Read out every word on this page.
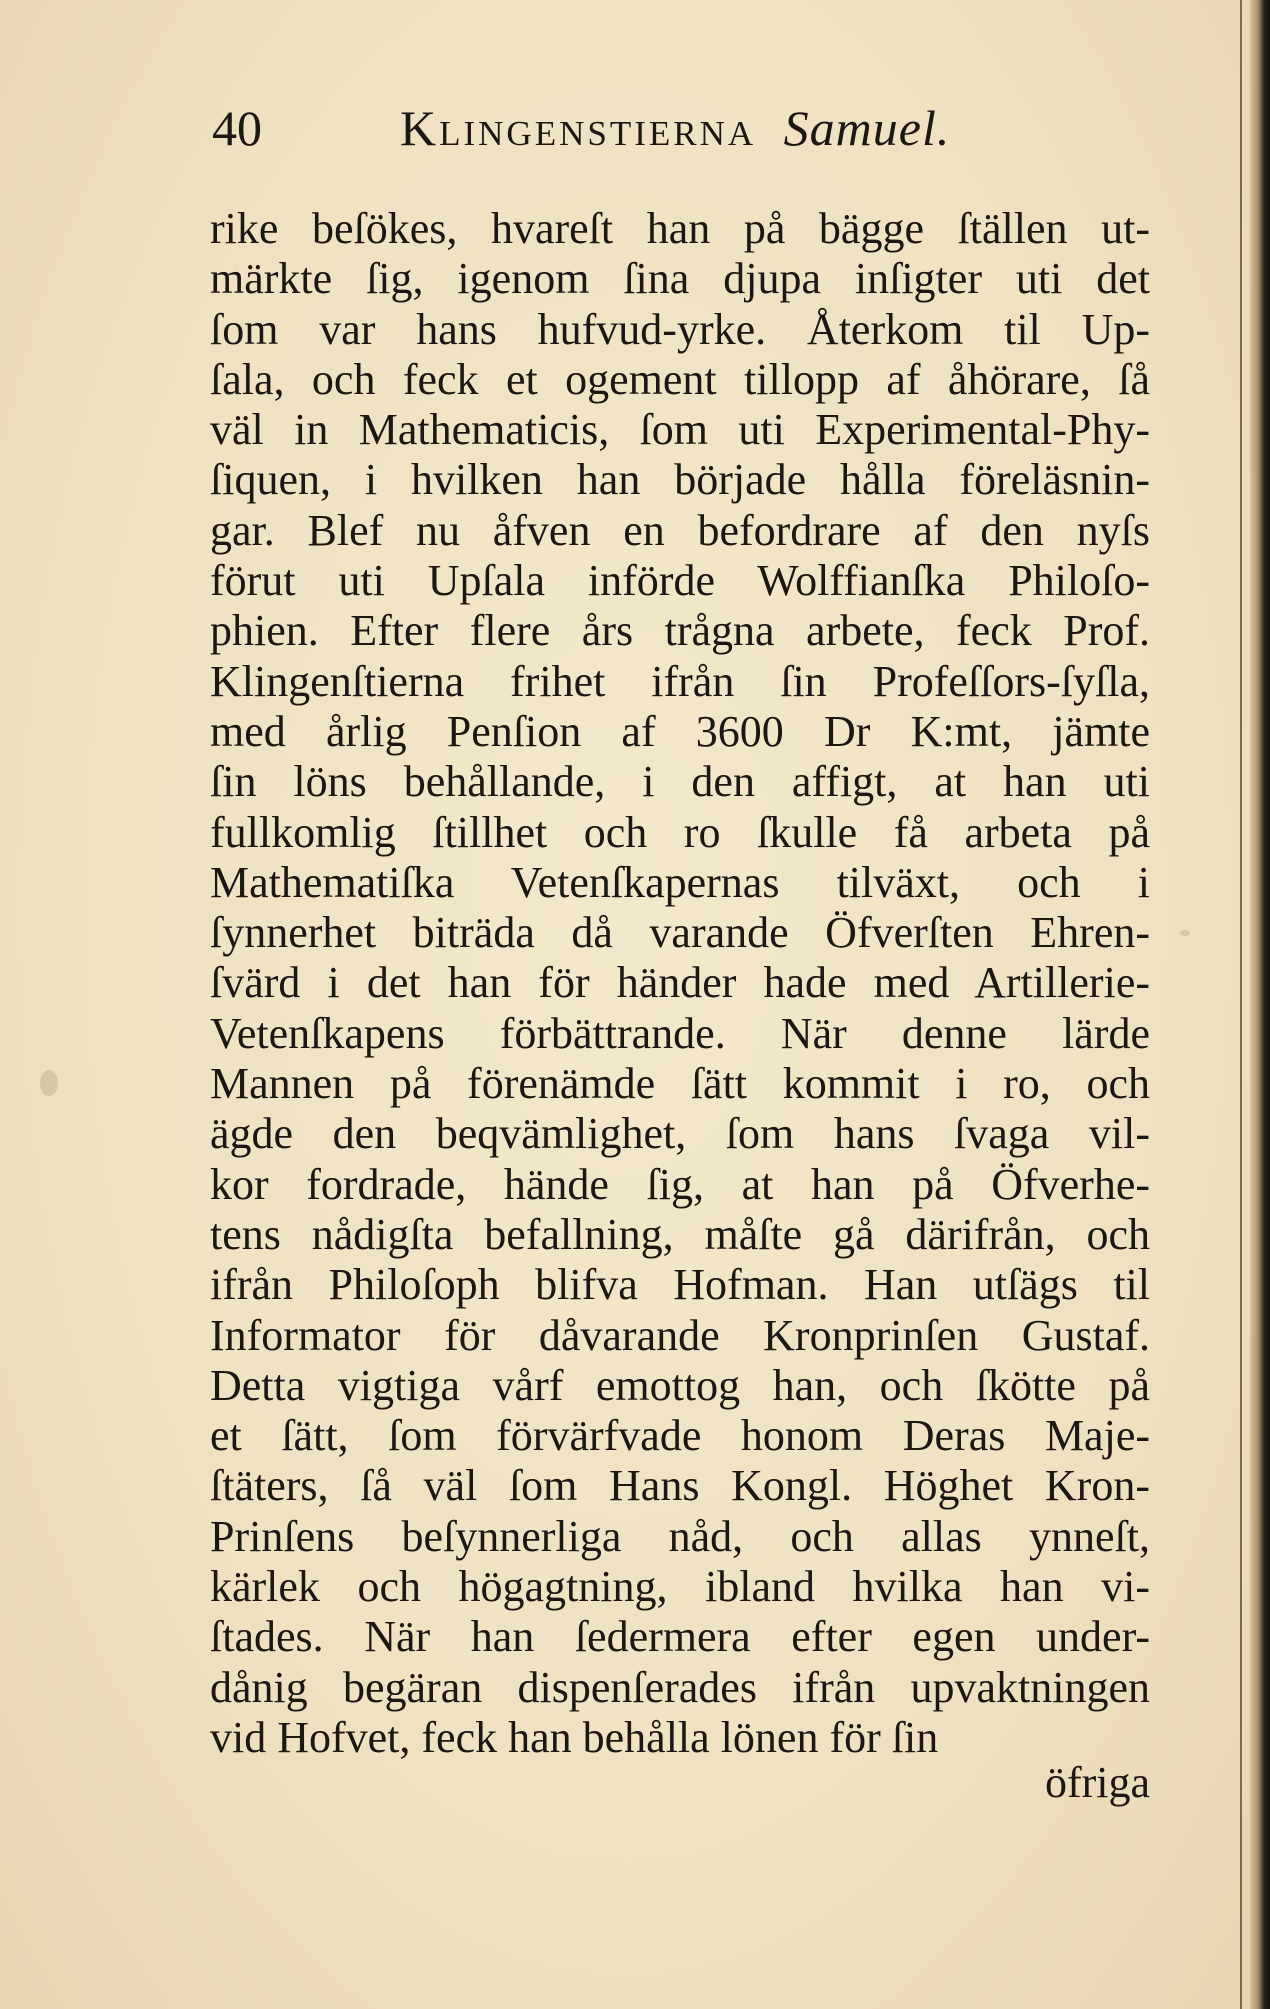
40	Klingenstierna Samuel.
rike beſökes, hvareſt han på bägge ſtällen ut-
märkte ſig, igenom ſina djupa inſigter uti det
ſom var hans hufvud-yrke. Återkom til Up-
ſala, och feck et ogement tillopp af åhörare, ſå
väl in Mathematicis, ſom uti Experimental-Phy-
ſiquen, i hvilken han började hålla föreläsnin-
gar. Blef nu åfven en befordrare af den nyſs
förut uti Upſala införde Wolffianſka Philoſo-
phien. Efter flere års trågna arbete, feck Prof.
Klingenſtierna frihet ifrån ſin Profeſſors-ſyſla,
med årlig Penſion af 3600 Dr K:mt, jämte
ſin löns behållande, i den affigt, at han uti
fullkomlig ſtillhet och ro ſkulle få arbeta på
Mathematiſka Vetenſkapernas tilväxt, och i
ſynnerhet biträda då varande Öfverſten Ehren-
ſvärd i det han för händer hade med Artillerie-
Vetenſkapens förbättrande. När denne lärde
Mannen på förenämde ſätt kommit i ro, och
ägde den beqvämlighet, ſom hans ſvaga vil-
kor fordrade, hände ſig, at han på Öfverhe-
tens nådigſta befallning, måſte gå därifrån, och
ifrån Philoſoph blifva Hofman. Han utſägs til
Informator för dåvarande Kronprinſen Gustaf.
Detta vigtiga vårf emottog han, och ſkötte på
et ſätt, ſom förvärfvade honom Deras Maje-
ſtäters, ſå väl ſom Hans Kongl. Höghet Kron-
Prinſens beſynnerliga nåd, och allas ynneſt,
kärlek och högagtning, ibland hvilka han vi-
ſtades. När han ſedermera efter egen under-
dånig begäran dispenſerades ifrån upvaktningen
vid Hofvet, feck han behålla lönen för ſin
öfriga
